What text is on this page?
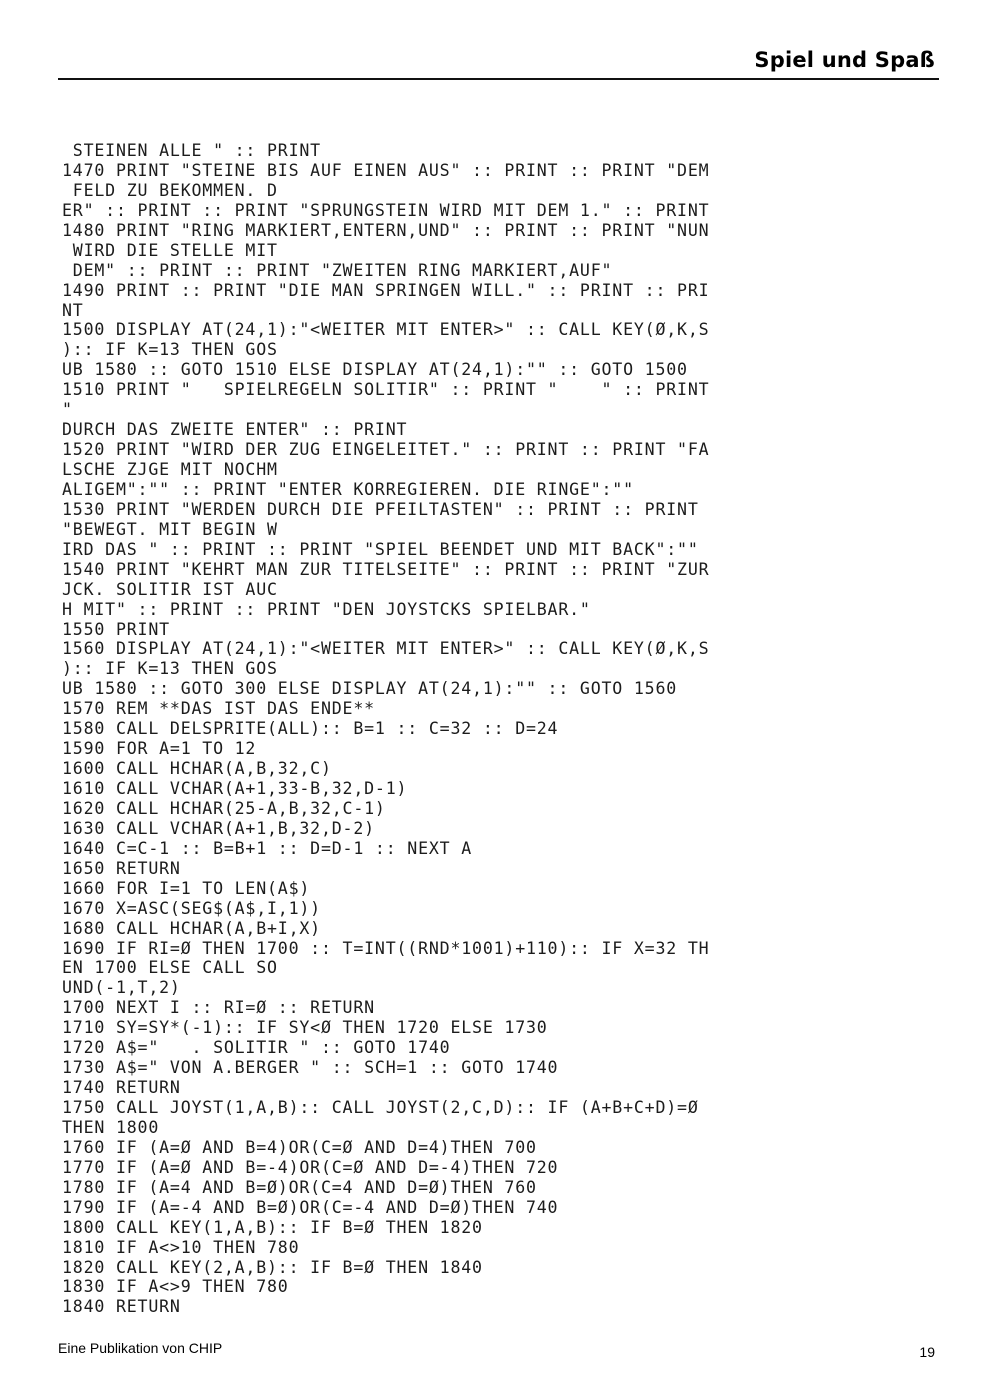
Spiel und Spaß
STEINEN ALLE " :: PRINT
1470 PRINT "STEINE BIS AUF EINEN AUS" :: PRINT :: PRINT "DEM
FELD ZU BEKOMMEN. D
ER" :: PRINT :: PRINT "SPRUNGSTEIN WIRD MIT DEM 1." :: PRINT
1480 PRINT "RING MARKIERT,ENTERN,UND" :: PRINT :: PRINT "NUN
WIRD DIE STELLE MIT
DEM" :: PRINT :: PRINT "ZWEITEN RING MARKIERT,AUF"
1490 PRINT :: PRINT "DIE MAN SPRINGEN WILL." :: PRINT :: PRI
NT
1500 DISPLAY AT(24,1):"<WEITER MIT ENTER>" :: CALL KEY(Ø,K,S
):: IF K=13 THEN GOS
UB 1580 :: GOTO 1510 ELSE DISPLAY AT(24,1):"" :: GOTO 1500
1510 PRINT "   SPIELREGELN SOLITIR" :: PRINT "    " :: PRINT
"
DURCH DAS ZWEITE ENTER" :: PRINT
1520 PRINT "WIRD DER ZUG EINGELEITET." :: PRINT :: PRINT "FA
LSCHE ZJGE MIT NOCHM
ALIGEM":"" :: PRINT "ENTER KORREGIEREN. DIE RINGE":""
1530 PRINT "WERDEN DURCH DIE PFEILTASTEN" :: PRINT :: PRINT
"BEWEGT. MIT BEGIN W
IRD DAS " :: PRINT :: PRINT "SPIEL BEENDET UND MIT BACK":""
1540 PRINT "KEHRT MAN ZUR TITELSEITE" :: PRINT :: PRINT "ZUR
JCK. SOLITIR IST AUC
H MIT" :: PRINT :: PRINT "DEN JOYSTCKS SPIELBAR."
1550 PRINT
1560 DISPLAY AT(24,1):"<WEITER MIT ENTER>" :: CALL KEY(Ø,K,S
):: IF K=13 THEN GOS
UB 1580 :: GOTO 300 ELSE DISPLAY AT(24,1):"" :: GOTO 1560
1570 REM **DAS IST DAS ENDE**
1580 CALL DELSPRITE(ALL):: B=1 :: C=32 :: D=24
1590 FOR A=1 TO 12
1600 CALL HCHAR(A,B,32,C)
1610 CALL VCHAR(A+1,33-B,32,D-1)
1620 CALL HCHAR(25-A,B,32,C-1)
1630 CALL VCHAR(A+1,B,32,D-2)
1640 C=C-1 :: B=B+1 :: D=D-1 :: NEXT A
1650 RETURN
1660 FOR I=1 TO LEN(A$)
1670 X=ASC(SEG$(A$,I,1))
1680 CALL HCHAR(A,B+I,X)
1690 IF RI=Ø THEN 1700 :: T=INT((RND*1001)+110):: IF X=32 TH
EN 1700 ELSE CALL SO
UND(-1,T,2)
1700 NEXT I :: RI=Ø :: RETURN
1710 SY=SY*(-1):: IF SY<Ø THEN 1720 ELSE 1730
1720 A$="   . SOLITIR " :: GOTO 1740
1730 A$=" VON A.BERGER " :: SCH=1 :: GOTO 1740
1740 RETURN
1750 CALL JOYST(1,A,B):: CALL JOYST(2,C,D):: IF (A+B+C+D)=Ø
THEN 1800
1760 IF (A=Ø AND B=4)OR(C=Ø AND D=4)THEN 700
1770 IF (A=Ø AND B=-4)OR(C=Ø AND D=-4)THEN 720
1780 IF (A=4 AND B=Ø)OR(C=4 AND D=Ø)THEN 760
1790 IF (A=-4 AND B=Ø)OR(C=-4 AND D=Ø)THEN 740
1800 CALL KEY(1,A,B):: IF B=Ø THEN 1820
1810 IF A<>10 THEN 780
1820 CALL KEY(2,A,B):: IF B=Ø THEN 1840
1830 IF A<>9 THEN 780
1840 RETURN
Eine Publikation von CHIP	19
